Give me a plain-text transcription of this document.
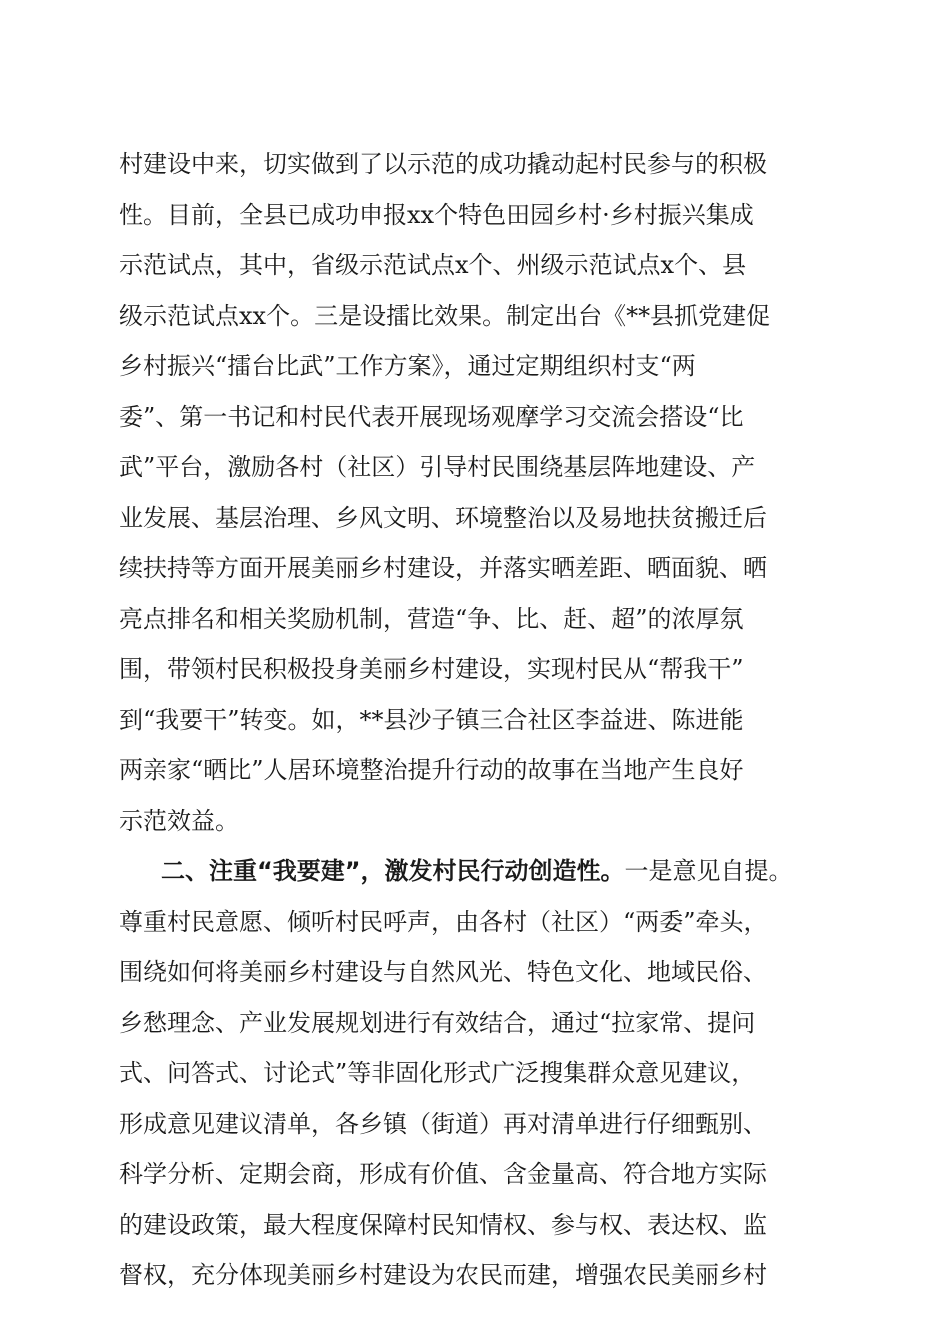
村建设中来，切实做到了以示范的成功撬动起村民参与的积极
性。目前，全县已成功申报xx个特色田园乡村·乡村振兴集成
示范试点，其中，省级示范试点x个、州级示范试点x个、县
级示范试点xx个。三是设擂比效果。制定出台《**县抓党建促
乡村振兴“擂台比武”工作方案》，通过定期组织村支“两
委”、第一书记和村民代表开展现场观摩学习交流会搭设“比
武”平台，激励各村（社区）引导村民围绕基层阵地建设、产
业发展、基层治理、乡风文明、环境整治以及易地扶贫搬迁后
续扶持等方面开展美丽乡村建设，并落实晒差距、晒面貌、晒
亮点排名和相关奖励机制，营造“争、比、赶、超”的浓厚氛
围，带领村民积极投身美丽乡村建设，实现村民从“帮我干”
到“我要干”转变。如，**县沙子镇三合社区李益进、陈进能
两亲家“晒比”人居环境整治提升行动的故事在当地产生良好
示范效益。
二、注重“我要建”，激发村民行动创造性。一是意见自提。
尊重村民意愿、倾听村民呼声，由各村（社区）“两委”牵头，
围绕如何将美丽乡村建设与自然风光、特色文化、地域民俗、
乡愁理念、产业发展规划进行有效结合，通过“拉家常、提问
式、问答式、讨论式”等非固化形式广泛搜集群众意见建议，
形成意见建议清单，各乡镇（街道）再对清单进行仔细甄别、
科学分析、定期会商，形成有价值、含金量高、符合地方实际
的建设政策，最大程度保障村民知情权、参与权、表达权、监
督权，充分体现美丽乡村建设为农民而建，增强农民美丽乡村
